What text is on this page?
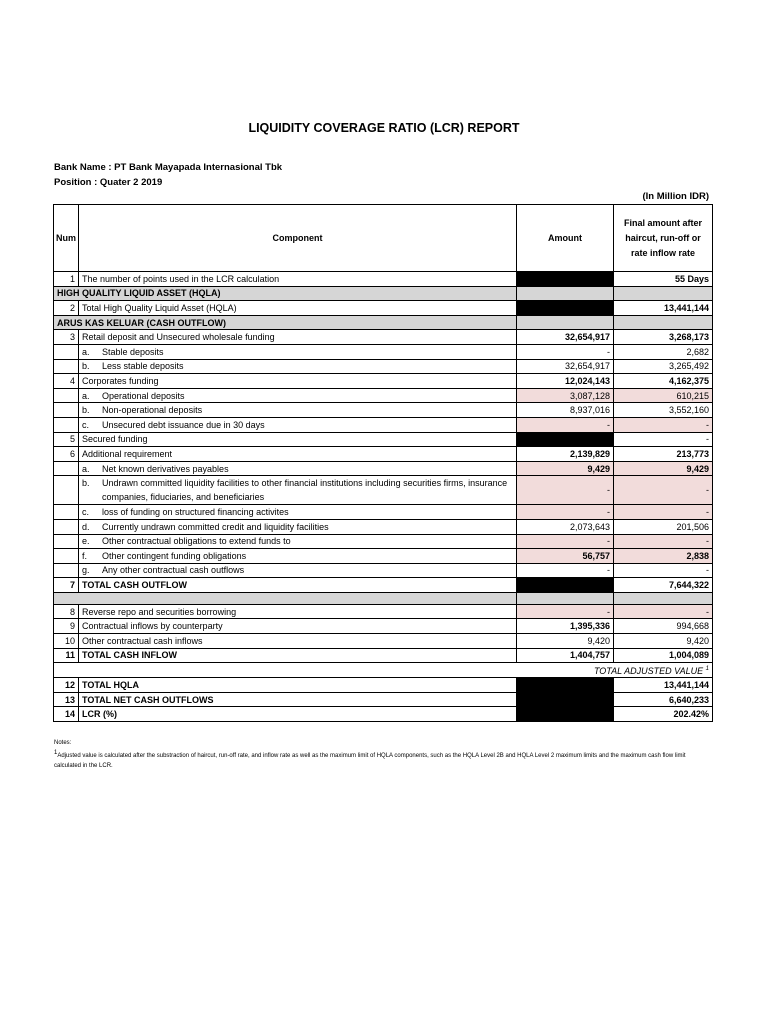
LIQUIDITY COVERAGE RATIO (LCR) REPORT
Bank Name : PT Bank Mayapada Internasional Tbk
Position : Quater 2 2019
(In Million IDR)
Num	Component	Amount	Final amount after haircut, run-off or rate inflow rate
1	The number of points used in the LCR calculation		55 Days
HIGH QUALITY LIQUID ASSET (HQLA)			
2	Total High Quality Liquid Asset (HQLA)		13,441,144
ARUS KAS KELUAR (CASH OUTFLOW)			
3	Retail deposit and Unsecured wholesale funding	32,654,917	3,268,173
	a. Stable deposits	-	2,682
	b. Less stable deposits	32,654,917	3,265,492
4	Corporates funding	12,024,143	4,162,375
	a. Operational deposits	3,087,128	610,215
	b. Non-operational deposits	8,937,016	3,552,160
	c. Unsecured debt issuance due in 30 days	-	-
5	Secured funding		-
6	Additional requirement	2,139,829	213,773
	a. Net known derivatives payables	9,429	9,429

	b. Undrawn committed liquidity facilities to other financial institutions including securities firms, insurance companies, fiduciaries, and beneficiaries	-	-
	c. loss of funding on structured financing activites	-	-
	d. Currently undrawn committed credit and liquidity facilities	2,073,643	201,506
	e. Other contractual obligations to extend funds to	-	-
	f. Other contingent funding obligations	56,757	2,838
	g. Any other contractual cash outflows	-	-
7	TOTAL CASH OUTFLOW		7,644,322

8	Reverse repo and securities borrowing	-	-
9	Contractual inflows by counterparty	1,395,336	994,668
10	Other contractual cash inflows	9,420	9,420
11	TOTAL CASH INFLOW	1,404,757	1,004,089
TOTAL ADJUSTED VALUE $^1$
12	TOTAL HQLA		13,441,144
13	TOTAL NET CASH OUTFLOWS		6,640,233
14	LCR (%)		202.42%
Notes:
$^1$Adjusted value is calculated after the substraction of haircut, run-off rate, and inflow rate as well as the maximum limit of HQLA components, such as the HQLA Level 2B and HQLA Level 2 maximum limits and the maximum cash flow limit calculated in the LCR.
